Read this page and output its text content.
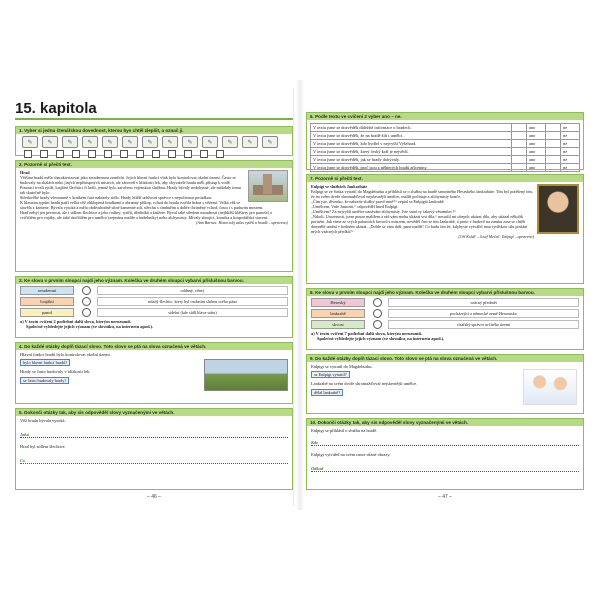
15. kapitola
1. Vyber si jednu čtenářskou dovednost, kterou bys chtěl zlepšit, a označ ji.
✎	✎	✎	✎	✎	✎	✎	✎	✎	✎	✎	✎	✎
2. Pozorně si přečti text.
Hrad
Většina hradů měla charakterizovat jako serademnou zeměchi. Jejich hlavní funkcí však bylo kontrolovat okolní území. Často se budovaly na skalách nebo jiných nepřístupných místech, ale zároveň v blízkosti řek, aby obyvatelé hradu měli přístup k vodě. Poutníci trvalí rytíři, loajální šlechtici či králi, jemuž bylo zaručeno vojenskou službou. Hrady bývaly nedobytné, ale málokdy tomu tak skutečně bylo.
Středověké hrady všestranně v krátkém čase nabízely sídlo. Hrady bližší udržovat správce s nepočetnou posádkou.
K hlavním typům hradů patří velká věž obklopená hradbami a obranný příkop, vchod do hradu tvořila brána s věžemi. Velká věž se stavěla z kamene. Bývala vysoká a měla obdivuhodně silné kamenné zdi, střechu s cimbuřím a dobře chráněný vchod, často i s padacím mostem.
Hrad nebyl jen pevností, ale i sídlem šlechtice a jeho rodiny; rytířů, úředníků a knížete. Býval také středem moudrosti (nejbližší kláštery pro panoše) a cvičištěm pro vojáky, ale také útočištěm pro umělce (zejména malíře a hudebníky) nebo alchymisty. Mívaly zbrojíci, kronika a hospodářská stavení.
(Ann Barnes: Historický atlas rytířů a hradů – upraveno)
3. Ke slovu v prvním sloupci najdi jeho význam. Kolečka ve druhém sloupci vybarvi příslušnou barvou.
serademní	oddaný, věrný
loajální	mladý šlechtic, který byl osobním sluhou svého pána
panoš	sídelní (kde sídlí hlava státu)
a) V textu cvičení 2 podtrhni další slova, kterým nerozumíš.
Společně vyhledejte jejich význam (ve slovníku, na internetu apod.).
4. Do každé otázky doplň tázací slovo. Toto slovo se ptá na slova označená ve větách.
Hlavní funkcí hradů bylo kontrolovat okolní území.
bylo hlavní funkcí hradů?
Hrady se často budovaly v blízkosti řek.
se často budovaly hrady?
5. Dokonči otázky tak, aby sis odpověděl slovy vyznačenými ve větách.
Věž hradu bývala vysoká.
Jaká
Hrad byl sídlem šlechtice.
Co
– 46 –
6. Podle textu ve cvičení 2 vyber ano – ne.
V textu jsme se dozvěděli důležité informace o hradech.		ano		ne
V textu jsme se dozvěděli, že na hradě žili i umělci.		ano		ne
V textu jsme se dozvěděli, kdo bydlel v nejvyšší Vyšehrad.		ano		ne
V textu jsme se dozvěděli, který český král je největší.		ano		ne
V textu jsme se dozvěděli, jak se hrady dobývaly.		ano		ne
V textu jsme se dozvěděli, proč jsou z některých hradů zříceniny.		ano		ne
7. Pozorně si přečti text.
Enlpigi ve službách Jankrabáte
Enlpigi se ze Saska vytratil do Magdeburku a přihlásil se o službu na hradě samotného Heseského lankrabáte. Tím byl potěšený tím, že na svém dvoře shromažďoval nejslavnější umělce, malíři počínaje a alchymisty konče.
„Čím jste, dívenko, že nabízíte služby pravě mně?“ zeptal se Enlpigiá Jankrabě.
„Umělcem, Vaše Jasnosti,“ odpověděl hned Enlpigí.
„Umělcem? Za nejvyšší umělce uznávám alchymisty. Jste snad vy takový věsamítec?“
„Nikoli, Urozenosti, jsem pouze malířem a rád vám mohu ukázat svá díla,“ nestačil mi obepilc ukázat dílo, aby ukázal několik portrétu. Jak víme ze svých pokutních hovorů s mistrem, nevěděl čím se tím Jankrabě, a proto v budově na zamku zase se chtěli domnělé umění v hodném ukázat. „Dobře se vám daří, pane malíři! Co budu tím že, kdybyste vytvářel mou rytířskou sílu poslání mých vzácných předků?“
(Jiří Kolář – Josef Mečač: Enlpigí – upraveno)
8. Ke slovu v prvním sloupci najdi jeho význam. Kolečka ve druhém sloupci vybarvi příslušnou barvou.
Heseský	vzácný předmět
lankrabě	pocházející z německé země Hessensko
skvost	císařský správce určitého území
a) V textu cvičení 7 podtrhni další slova, kterým nerozumíš.
Společně vyhledejte jejich význam (ve slovníku, na internetu apod.).
9. Do každé otázky doplň tázací slovo. Toto slovo se ptá na slova označená ve větách.
Enlpigi se vytratil do Magdeburku.
se Enlpigi vytratil?
Lankrabě na svém dvoře shromažďoval nejslavnější umělce.
dělal lankrabě?
10. Dokonči otázky tak, aby sis odpověděl slovy vyznačenými ve větách.
Enlpigi se přihlásil o službu na hradě.
Kde
Enlpigi vytvářel na svém rance různé obrazy.
Odkud
– 47 –
